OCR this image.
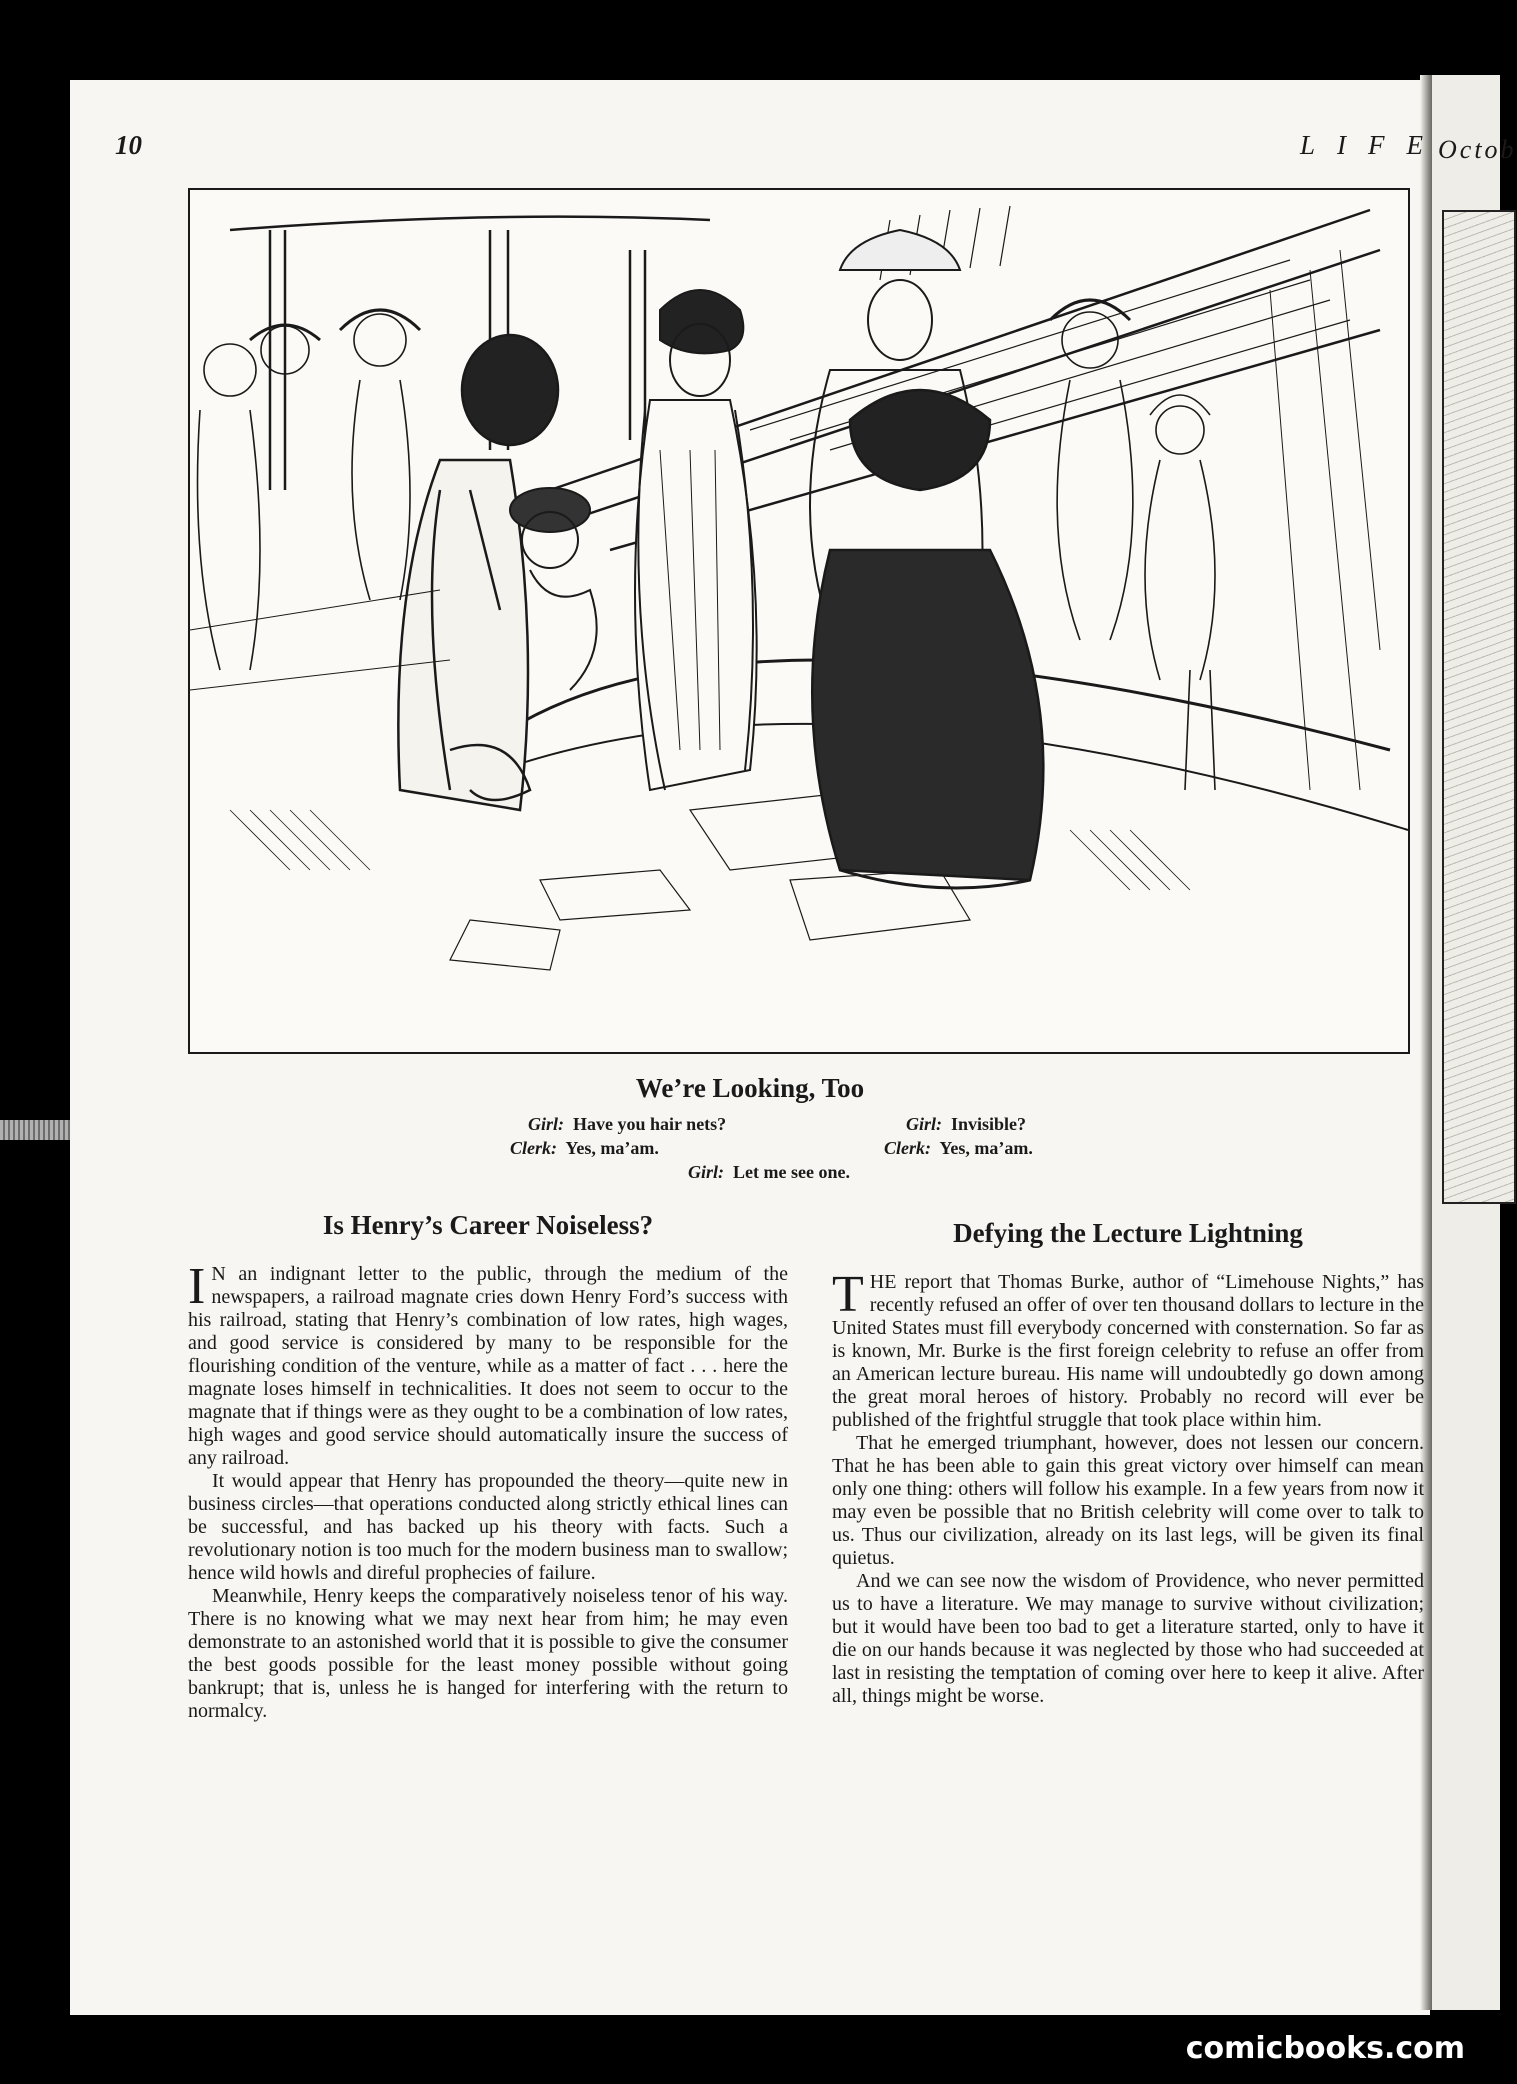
Octob
10	LIFE
We’re Looking, Too
Girl: Have you hair nets?
Clerk: Yes, ma’am.
Girl: Invisible?
Clerk: Yes, ma’am.
Girl: Let me see one.
Is Henry’s Career Noiseless?

I N an indignant letter to the public, through the medium of the newspapers, a railroad magnate cries down Henry Ford’s success with his railroad, stating that Henry’s combination of low rates, high wages, and good service is considered by many to be responsible for the flourishing condition of the venture, while as a matter of fact . . . here the magnate loses himself in technicalities. It does not seem to occur to the magnate that if things were as they ought to be a combination of low rates, high wages and good service should automatically insure the success of any railroad.

It would appear that Henry has propounded the theory—quite new in business circles—that operations conducted along strictly ethical lines can be successful, and has backed up his theory with facts. Such a revolutionary notion is too much for the modern business man to swallow; hence wild howls and direful prophecies of failure.

Meanwhile, Henry keeps the comparatively noiseless tenor of his way. There is no knowing what we may next hear from him; he may even demonstrate to an astonished world that it is possible to give the consumer the best goods possible for the least money possible without going bankrupt; that is, unless he is hanged for interfering with the return to normalcy.

Defying the Lecture Lightning

THE report that Thomas Burke, author of “Limehouse Nights,” has recently refused an offer of over ten thousand dollars to lecture in the United States must fill everybody concerned with consternation. So far as is known, Mr. Burke is the first foreign celebrity to refuse an offer from an American lecture bureau. His name will undoubtedly go down among the great moral heroes of history. Probably no record will ever be published of the frightful struggle that took place within him.

That he emerged triumphant, however, does not lessen our concern. That he has been able to gain this great victory over himself can mean only one thing: others will follow his example. In a few years from now it may even be possible that no British celebrity will come over to talk to us. Thus our civilization, already on its last legs, will be given its final quietus.

And we can see now the wisdom of Providence, who never permitted us to have a literature. We may manage to survive without civilization; but it would have been too bad to get a literature started, only to have it die on our hands because it was neglected by those who had succeeded at last in resisting the temptation of coming over here to keep it alive. After all, things might be worse.

comicbooks.com
